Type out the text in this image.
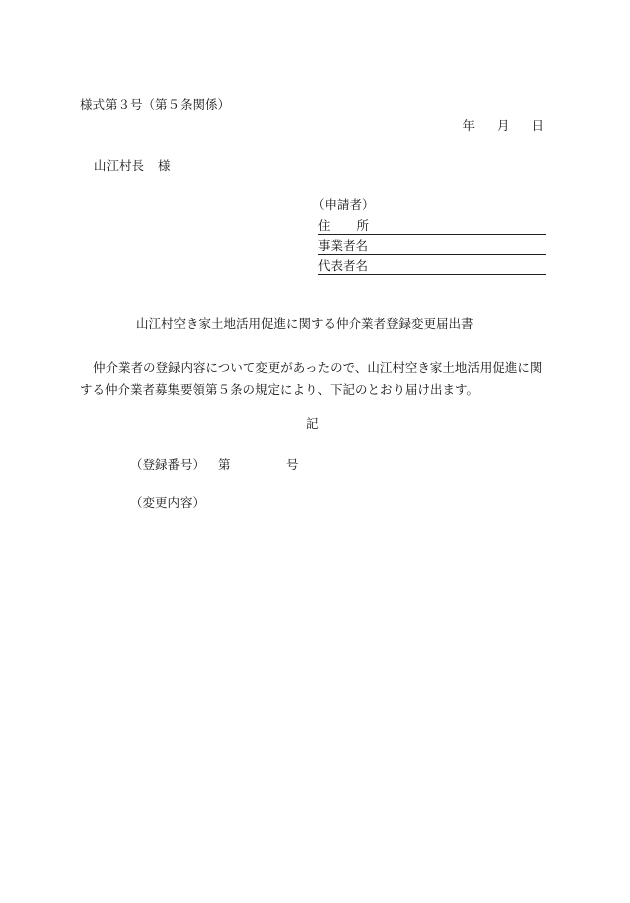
様式第３号（第５条関係）
年 月 日
山江村長 様
（申請者）
住 所
事業者名
代表者名
山江村空き家土地活用促進に関する仲介業者登録変更届出書
仲介業者の登録内容について変更があったので、山江村空き家土地活用促進に関する仲介業者募集要領第５条の規定により、下記のとおり届け出ます。
記
（登録番号） 第	号
（変更内容）
